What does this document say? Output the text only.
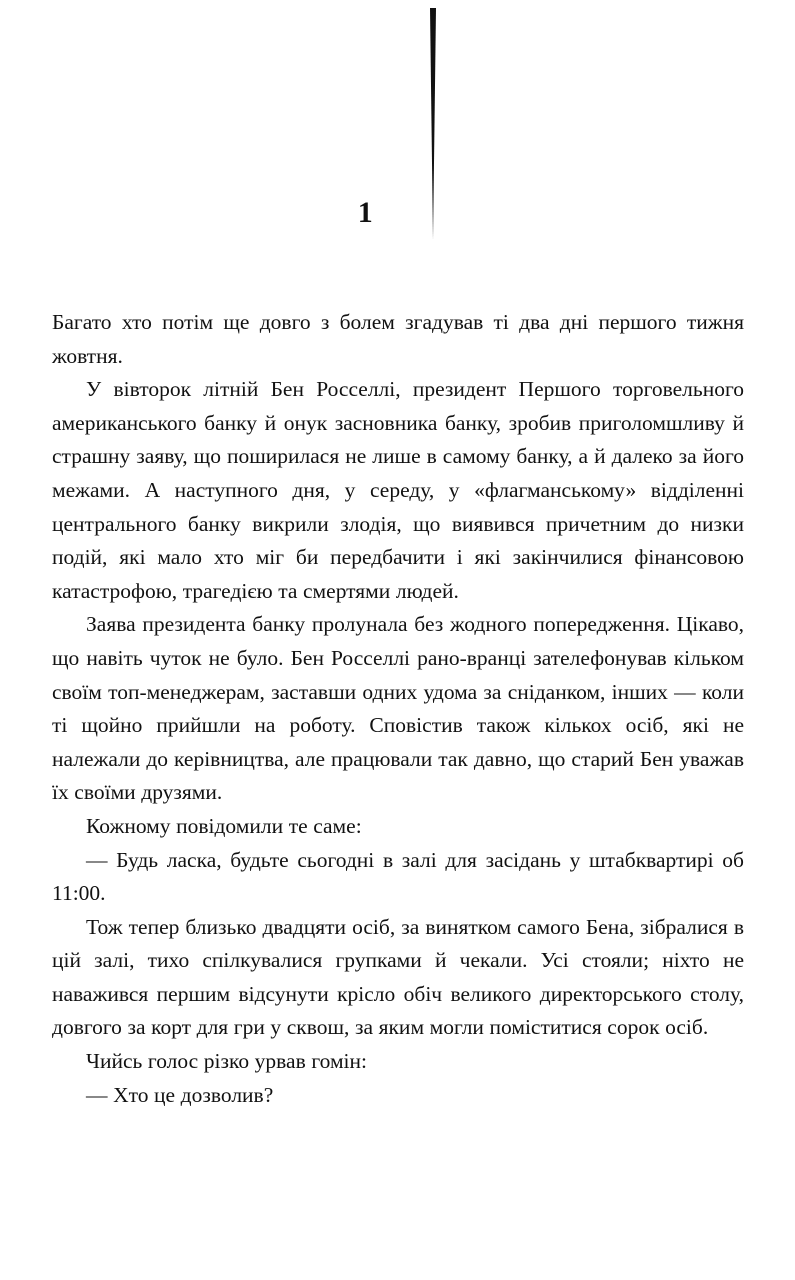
1

Багато хто потім ще довго з болем згадував ті два дні першого тижня жовтня.

У вівторок літній Бен Росселлі, президент Першого торговельного американського банку й онук засновника банку, зробив приголомшливу й страшну заяву, що поширилася не лише в самому банку, а й далеко за його межами. А наступного дня, у середу, у «флагманському» відділенні центрального банку викрили злодія, що виявився причетним до низки подій, які мало хто міг би передбачити і які закінчилися фінансовою катастрофою, трагедією та смертями людей.

Заява президента банку пролунала без жодного попередження. Цікаво, що навіть чуток не було. Бен Росселлі рано-вранці зателефонував кільком своїм топ-менеджерам, заставши одних удома за сніданком, інших — коли ті щойно прийшли на роботу. Сповістив також кількох осіб, які не належали до керівництва, але працювали так давно, що старий Бен уважав їх своїми друзями.

Кожному повідомили те саме:

— Будь ласка, будьте сьогодні в залі для засідань у штабквартирі об 11:00.

Тож тепер близько двадцяти осіб, за винятком самого Бена, зібралися в цій залі, тихо спілкувалися групками й чекали. Усі стояли; ніхто не наважився першим відсунути крісло обіч великого директорського столу, довгого за корт для гри у сквош, за яким могли поміститися сорок осіб.

Чийсь голос різко урвав гомін:

— Хто це дозволив?
